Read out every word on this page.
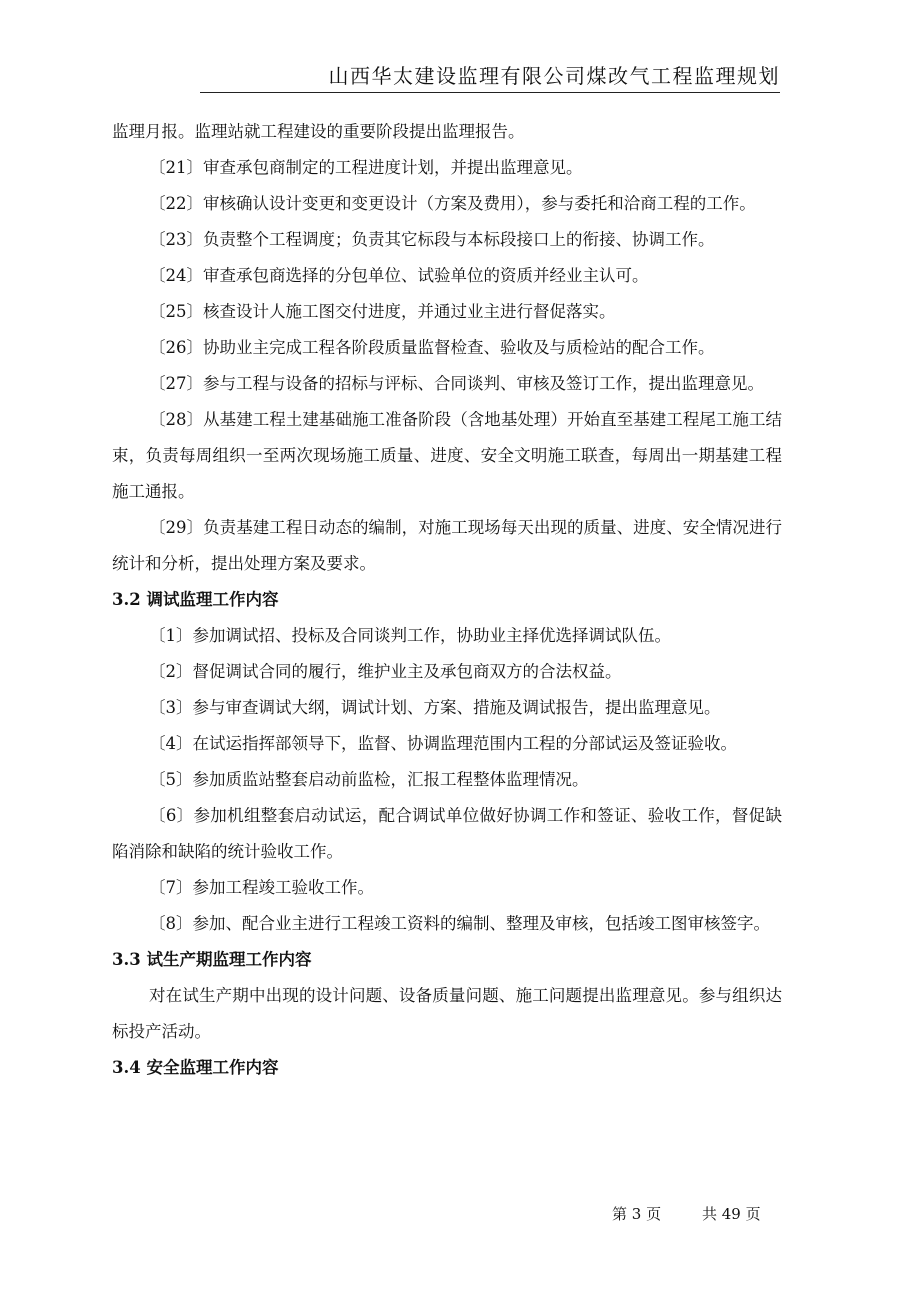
山西华太建设监理有限公司煤改气工程监理规划

监理月报。监理站就工程建设的重要阶段提出监理报告。

〔21〕审查承包商制定的工程进度计划，并提出监理意见。

〔22〕审核确认设计变更和变更设计（方案及费用），参与委托和洽商工程的工作。

〔23〕负责整个工程调度；负责其它标段与本标段接口上的衔接、协调工作。

〔24〕审查承包商选择的分包单位、试验单位的资质并经业主认可。

〔25〕核查设计人施工图交付进度，并通过业主进行督促落实。

〔26〕协助业主完成工程各阶段质量监督检查、验收及与质检站的配合工作。

〔27〕参与工程与设备的招标与评标、合同谈判、审核及签订工作，提出监理意见。

〔28〕从基建工程土建基础施工准备阶段（含地基处理）开始直至基建工程尾工施工结束，负责每周组织一至两次现场施工质量、进度、安全文明施工联查，每周出一期基建工程施工通报。

〔29〕负责基建工程日动态的编制，对施工现场每天出现的质量、进度、安全情况进行统计和分析，提出处理方案及要求。

3.2 调试监理工作内容

〔1〕参加调试招、投标及合同谈判工作，协助业主择优选择调试队伍。

〔2〕督促调试合同的履行，维护业主及承包商双方的合法权益。

〔3〕参与审查调试大纲，调试计划、方案、措施及调试报告，提出监理意见。

〔4〕在试运指挥部领导下，监督、协调监理范围内工程的分部试运及签证验收。

〔5〕参加质监站整套启动前监检，汇报工程整体监理情况。

〔6〕参加机组整套启动试运，配合调试单位做好协调工作和签证、验收工作，督促缺陷消除和缺陷的统计验收工作。

〔7〕参加工程竣工验收工作。

〔8〕参加、配合业主进行工程竣工资料的编制、整理及审核，包括竣工图审核签字。

3.3 试生产期监理工作内容

对在试生产期中出现的设计问题、设备质量问题、施工问题提出监理意见。参与组织达标投产活动。

3.4 安全监理工作内容

第 3 页	共 49 页
